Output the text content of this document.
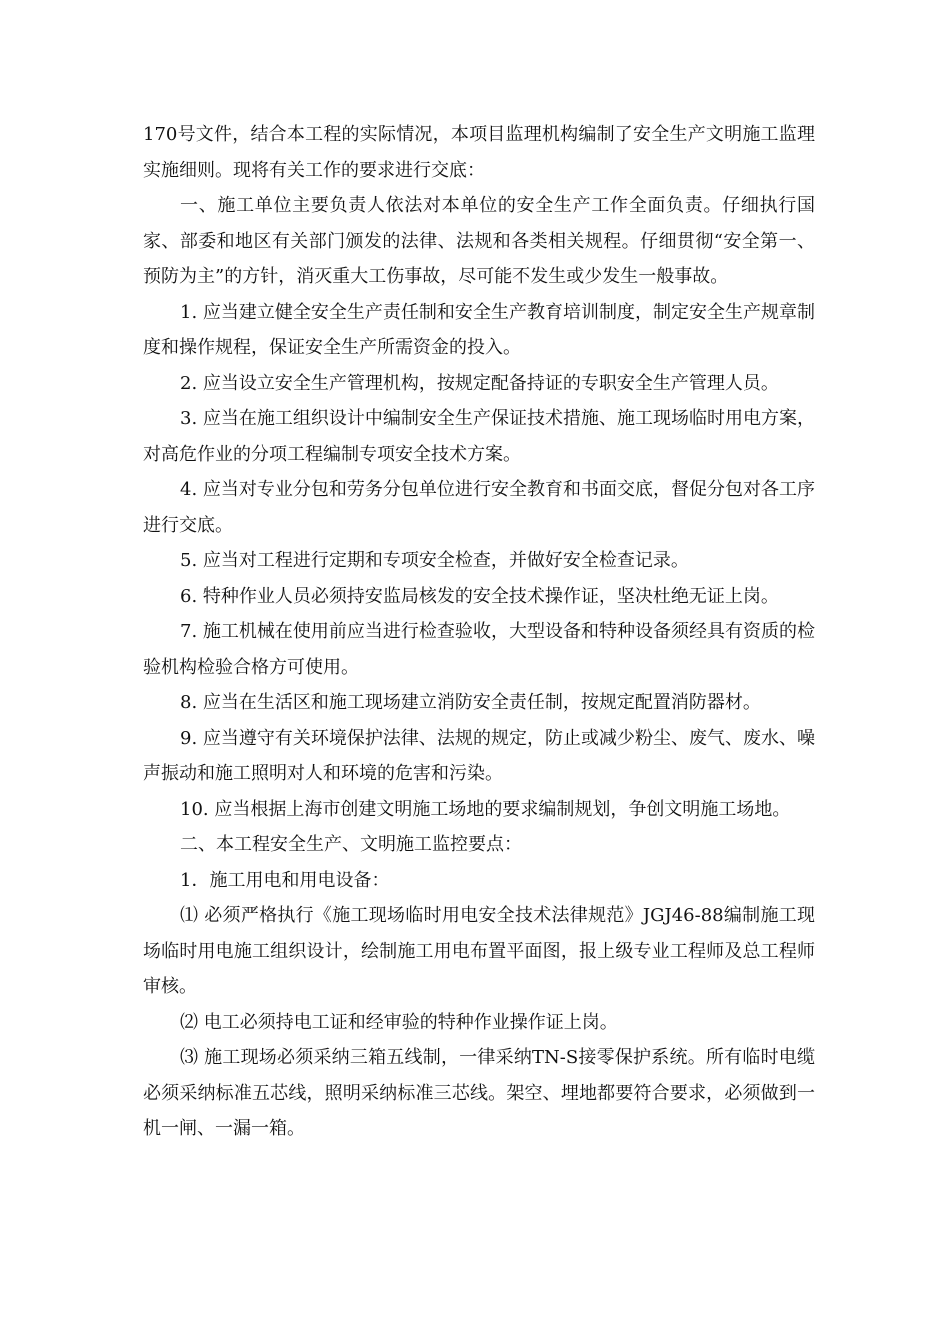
170号文件，结合本工程的实际情况，本项目监理机构编制了安全生产文明施工监理实施细则。现将有关工作的要求进行交底：

一、施工单位主要负责人依法对本单位的安全生产工作全面负责。仔细执行国家、部委和地区有关部门颁发的法律、法规和各类相关规程。仔细贯彻“安全第一、预防为主”的方针，消灭重大工伤事故，尽可能不发生或少发生一般事故。

1. 应当建立健全安全生产责任制和安全生产教育培训制度，制定安全生产规章制度和操作规程，保证安全生产所需资金的投入。

2. 应当设立安全生产管理机构，按规定配备持证的专职安全生产管理人员。

3. 应当在施工组织设计中编制安全生产保证技术措施、施工现场临时用电方案，对高危作业的分项工程编制专项安全技术方案。

4. 应当对专业分包和劳务分包单位进行安全教育和书面交底，督促分包对各工序进行交底。

5. 应当对工程进行定期和专项安全检查，并做好安全检查记录。

6. 特种作业人员必须持安监局核发的安全技术操作证，坚决杜绝无证上岗。

7. 施工机械在使用前应当进行检查验收，大型设备和特种设备须经具有资质的检验机构检验合格方可使用。

8. 应当在生活区和施工现场建立消防安全责任制，按规定配置消防器材。

9. 应当遵守有关环境保护法律、法规的规定，防止或减少粉尘、废气、废水、噪声振动和施工照明对人和环境的危害和污染。

10. 应当根据上海市创建文明施工场地的要求编制规划，争创文明施工场地。

二、本工程安全生产、文明施工监控要点：

1．施工用电和用电设备：

⑴ 必须严格执行《施工现场临时用电安全技术法律规范》JGJ46-88编制施工现场临时用电施工组织设计，绘制施工用电布置平面图，报上级专业工程师及总工程师审核。

⑵ 电工必须持电工证和经审验的特种作业操作证上岗。

⑶ 施工现场必须采纳三箱五线制，一律采纳TN-S接零保护系统。所有临时电缆必须采纳标准五芯线，照明采纳标准三芯线。架空、埋地都要符合要求，必须做到一机一闸、一漏一箱。
